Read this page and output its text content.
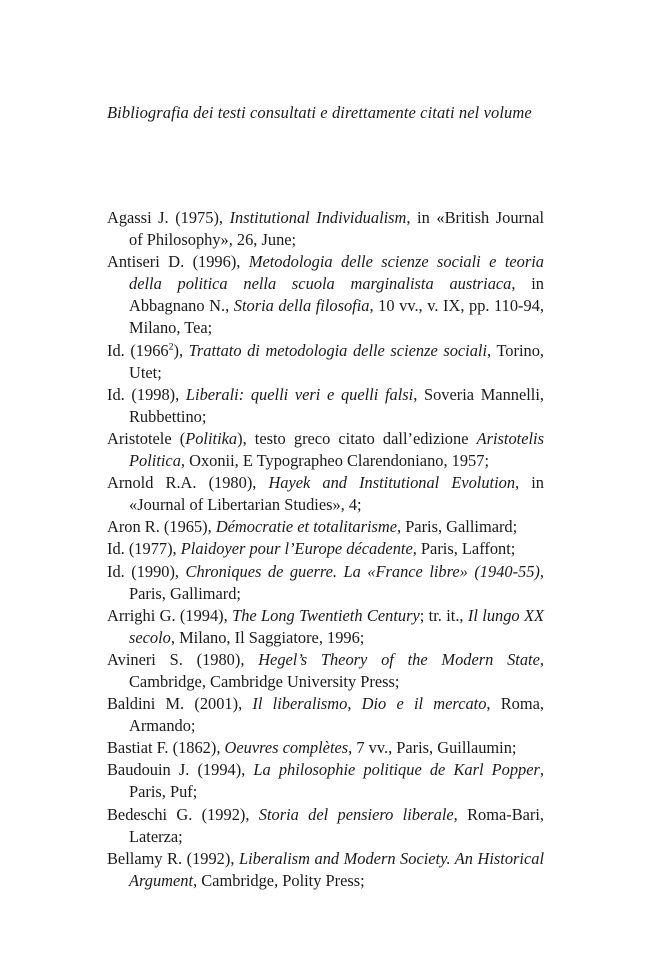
Bibliografia dei testi consultati e direttamente citati nel volume
Agassi J. (1975), Institutional Individualism, in «British Journal of Philosophy», 26, June;
Antiseri D. (1996), Metodologia delle scienze sociali e teoria della politica nella scuola marginalista austriaca, in Abbagnano N., Storia della filosofia, 10 vv., v. IX, pp. 110-94, Milano, Tea;
Id. (1966$^2$), Trattato di metodologia delle scienze sociali, Torino, Utet;
Id. (1998), Liberali: quelli veri e quelli falsi, Soveria Mannelli, Rubbettino;
Aristotele (Politika), testo greco citato dall’edizione Aristotelis Politica, Oxonii, E Typographeo Clarendoniano, 1957;
Arnold R.A. (1980), Hayek and Institutional Evolution, in «Journal of Libertarian Studies», 4;
Aron R. (1965), Démocratie et totalitarisme, Paris, Gallimard;
Id. (1977), Plaidoyer pour l’Europe décadente, Paris, Laffont;
Id. (1990), Chroniques de guerre. La «France libre» (1940-55), Paris, Gallimard;
Arrighi G. (1994), The Long Twentieth Century; tr. it., Il lungo XX secolo, Milano, Il Saggiatore, 1996;
Avineri S. (1980), Hegel’s Theory of the Modern State, Cambridge, Cambridge University Press;
Baldini M. (2001), Il liberalismo, Dio e il mercato, Roma, Armando;
Bastiat F. (1862), Oeuvres complètes, 7 vv., Paris, Guillaumin;
Baudouin J. (1994), La philosophie politique de Karl Popper, Paris, Puf;
Bedeschi G. (1992), Storia del pensiero liberale, Roma-Bari, Laterza;
Bellamy R. (1992), Liberalism and Modern Society. An Historical Argument, Cambridge, Polity Press;
